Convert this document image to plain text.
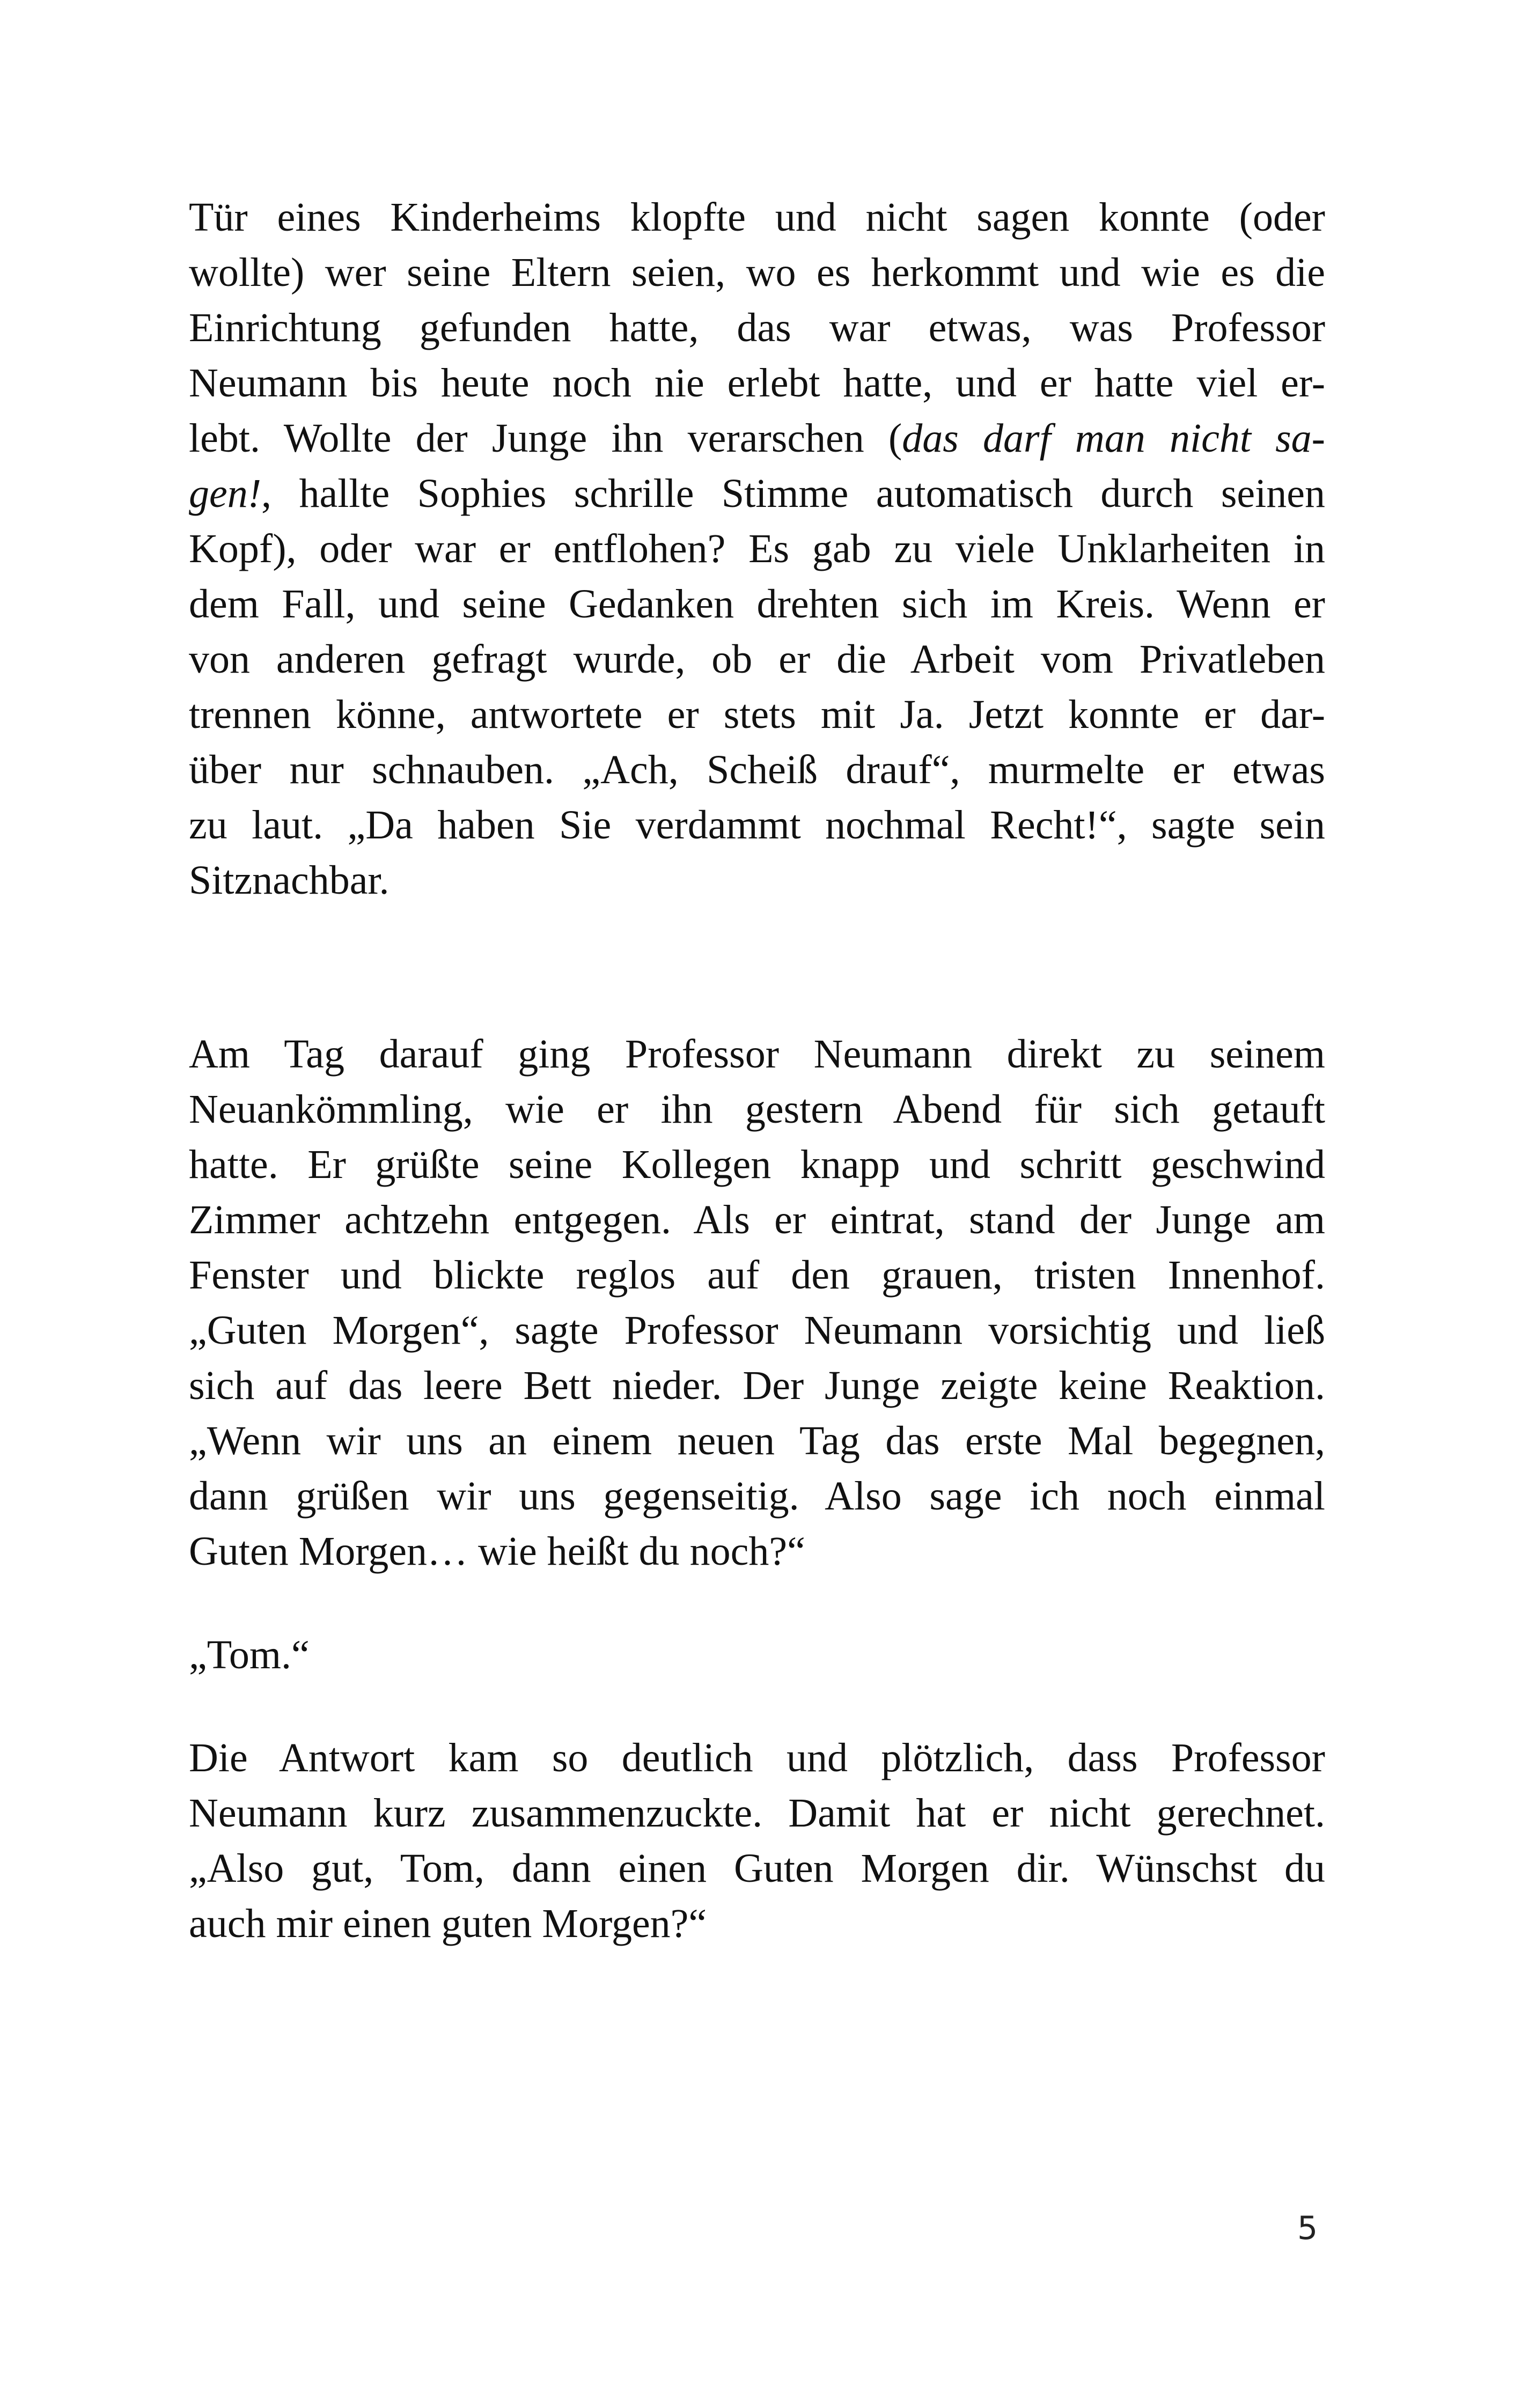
Tür eines Kinderheims klopfte und nicht sagen konnte (oder
wollte) wer seine Eltern seien, wo es herkommt und wie es die
Einrichtung gefunden hatte, das war etwas, was Professor
Neumann bis heute noch nie erlebt hatte, und er hatte viel er-
lebt. Wollte der Junge ihn verarschen (das darf man nicht sa-
gen!, hallte Sophies schrille Stimme automatisch durch seinen
Kopf), oder war er entflohen? Es gab zu viele Unklarheiten in
dem Fall, und seine Gedanken drehten sich im Kreis. Wenn er
von anderen gefragt wurde, ob er die Arbeit vom Privatleben
trennen könne, antwortete er stets mit Ja. Jetzt konnte er dar-
über nur schnauben. „Ach, Scheiß drauf“, murmelte er etwas
zu laut. „Da haben Sie verdammt nochmal Recht!“, sagte sein
Sitznachbar.

Am Tag darauf ging Professor Neumann direkt zu seinem
Neuankömmling, wie er ihn gestern Abend für sich getauft
hatte. Er grüßte seine Kollegen knapp und schritt geschwind
Zimmer achtzehn entgegen. Als er eintrat, stand der Junge am
Fenster und blickte reglos auf den grauen, tristen Innenhof.
„Guten Morgen“, sagte Professor Neumann vorsichtig und ließ
sich auf das leere Bett nieder. Der Junge zeigte keine Reaktion.
„Wenn wir uns an einem neuen Tag das erste Mal begegnen,
dann grüßen wir uns gegenseitig. Also sage ich noch einmal
Guten Morgen… wie heißt du noch?“

„Tom.“

Die Antwort kam so deutlich und plötzlich, dass Professor
Neumann kurz zusammenzuckte. Damit hat er nicht gerechnet.
„Also gut, Tom, dann einen Guten Morgen dir. Wünschst du
auch mir einen guten Morgen?“

5
